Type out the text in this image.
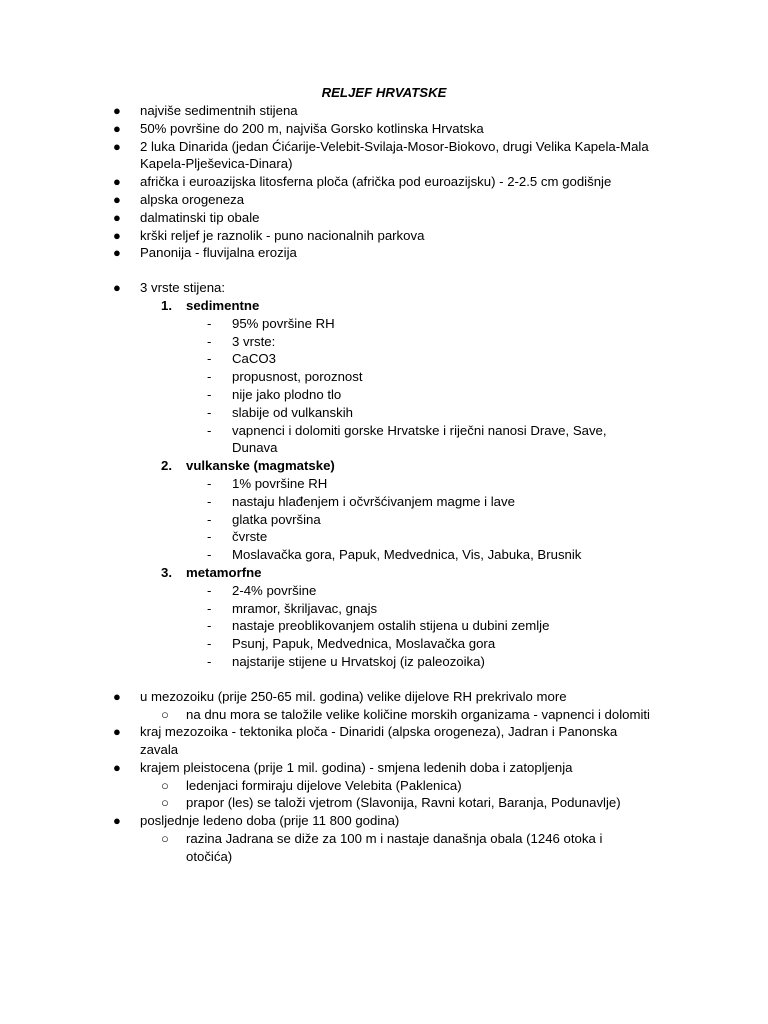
RELJEF HRVATSKE
● najviše sedimentnih stijena
● 50% površine do 200 m, najviša Gorsko kotlinska Hrvatska
● 2 luka Dinarida (jedan Ćićarije-Velebit-Svilaja-Mosor-Biokovo, drugi Velika Kapela-Mala Kapela-Plješevica-Dinara)
● afrička i euroazijska litosferna ploča (afrička pod euroazijsku) - 2-2.5 cm godišnje
● alpska orogeneza
● dalmatinski tip obale
● krški reljef je raznolik - puno nacionalnih parkova
● Panonija - fluvijalna erozija
● 3 vrste stijena:
1. sedimentne
- 95% površine RH
- 3 vrste:
- CaCO3
- propusnost, poroznost
- nije jako plodno tlo
- slabije od vulkanskih
- vapnenci i dolomiti gorske Hrvatske i riječni nanosi Drave, Save, Dunava
2. vulkanske (magmatske)
- 1% površine RH
- nastaju hlađenjem i očvršćivanjem magme i lave
- glatka površina
- čvrste
- Moslavačka gora, Papuk, Medvednica, Vis, Jabuka, Brusnik
3. metamorfne
- 2-4% površine
- mramor, škriljavac, gnajs
- nastaje preoblikovanjem ostalih stijena u dubini zemlje
- Psunj, Papuk, Medvednica, Moslavačka gora
- najstarije stijene u Hrvatskoj (iz paleozoika)
● u mezozoiku (prije 250-65 mil. godina) velike dijelove RH prekrivalo more
○ na dnu mora se taložile velike količine morskih organizama - vapnenci i dolomiti
● kraj mezozoika - tektonika ploča - Dinaridi (alpska orogeneza), Jadran i Panonska zavala
● krajem pleistocena (prije 1 mil. godina) - smjena ledenih doba i zatopljenja
○ ledenjaci formiraju dijelove Velebita (Paklenica)
○ prapor (les) se taloži vjetrom (Slavonija, Ravni kotari, Baranja, Podunavlje)
● posljednje ledeno doba (prije 11 800 godina)
○ razina Jadrana se diže za 100 m i nastaje današnja obala (1246 otoka i otočića)
